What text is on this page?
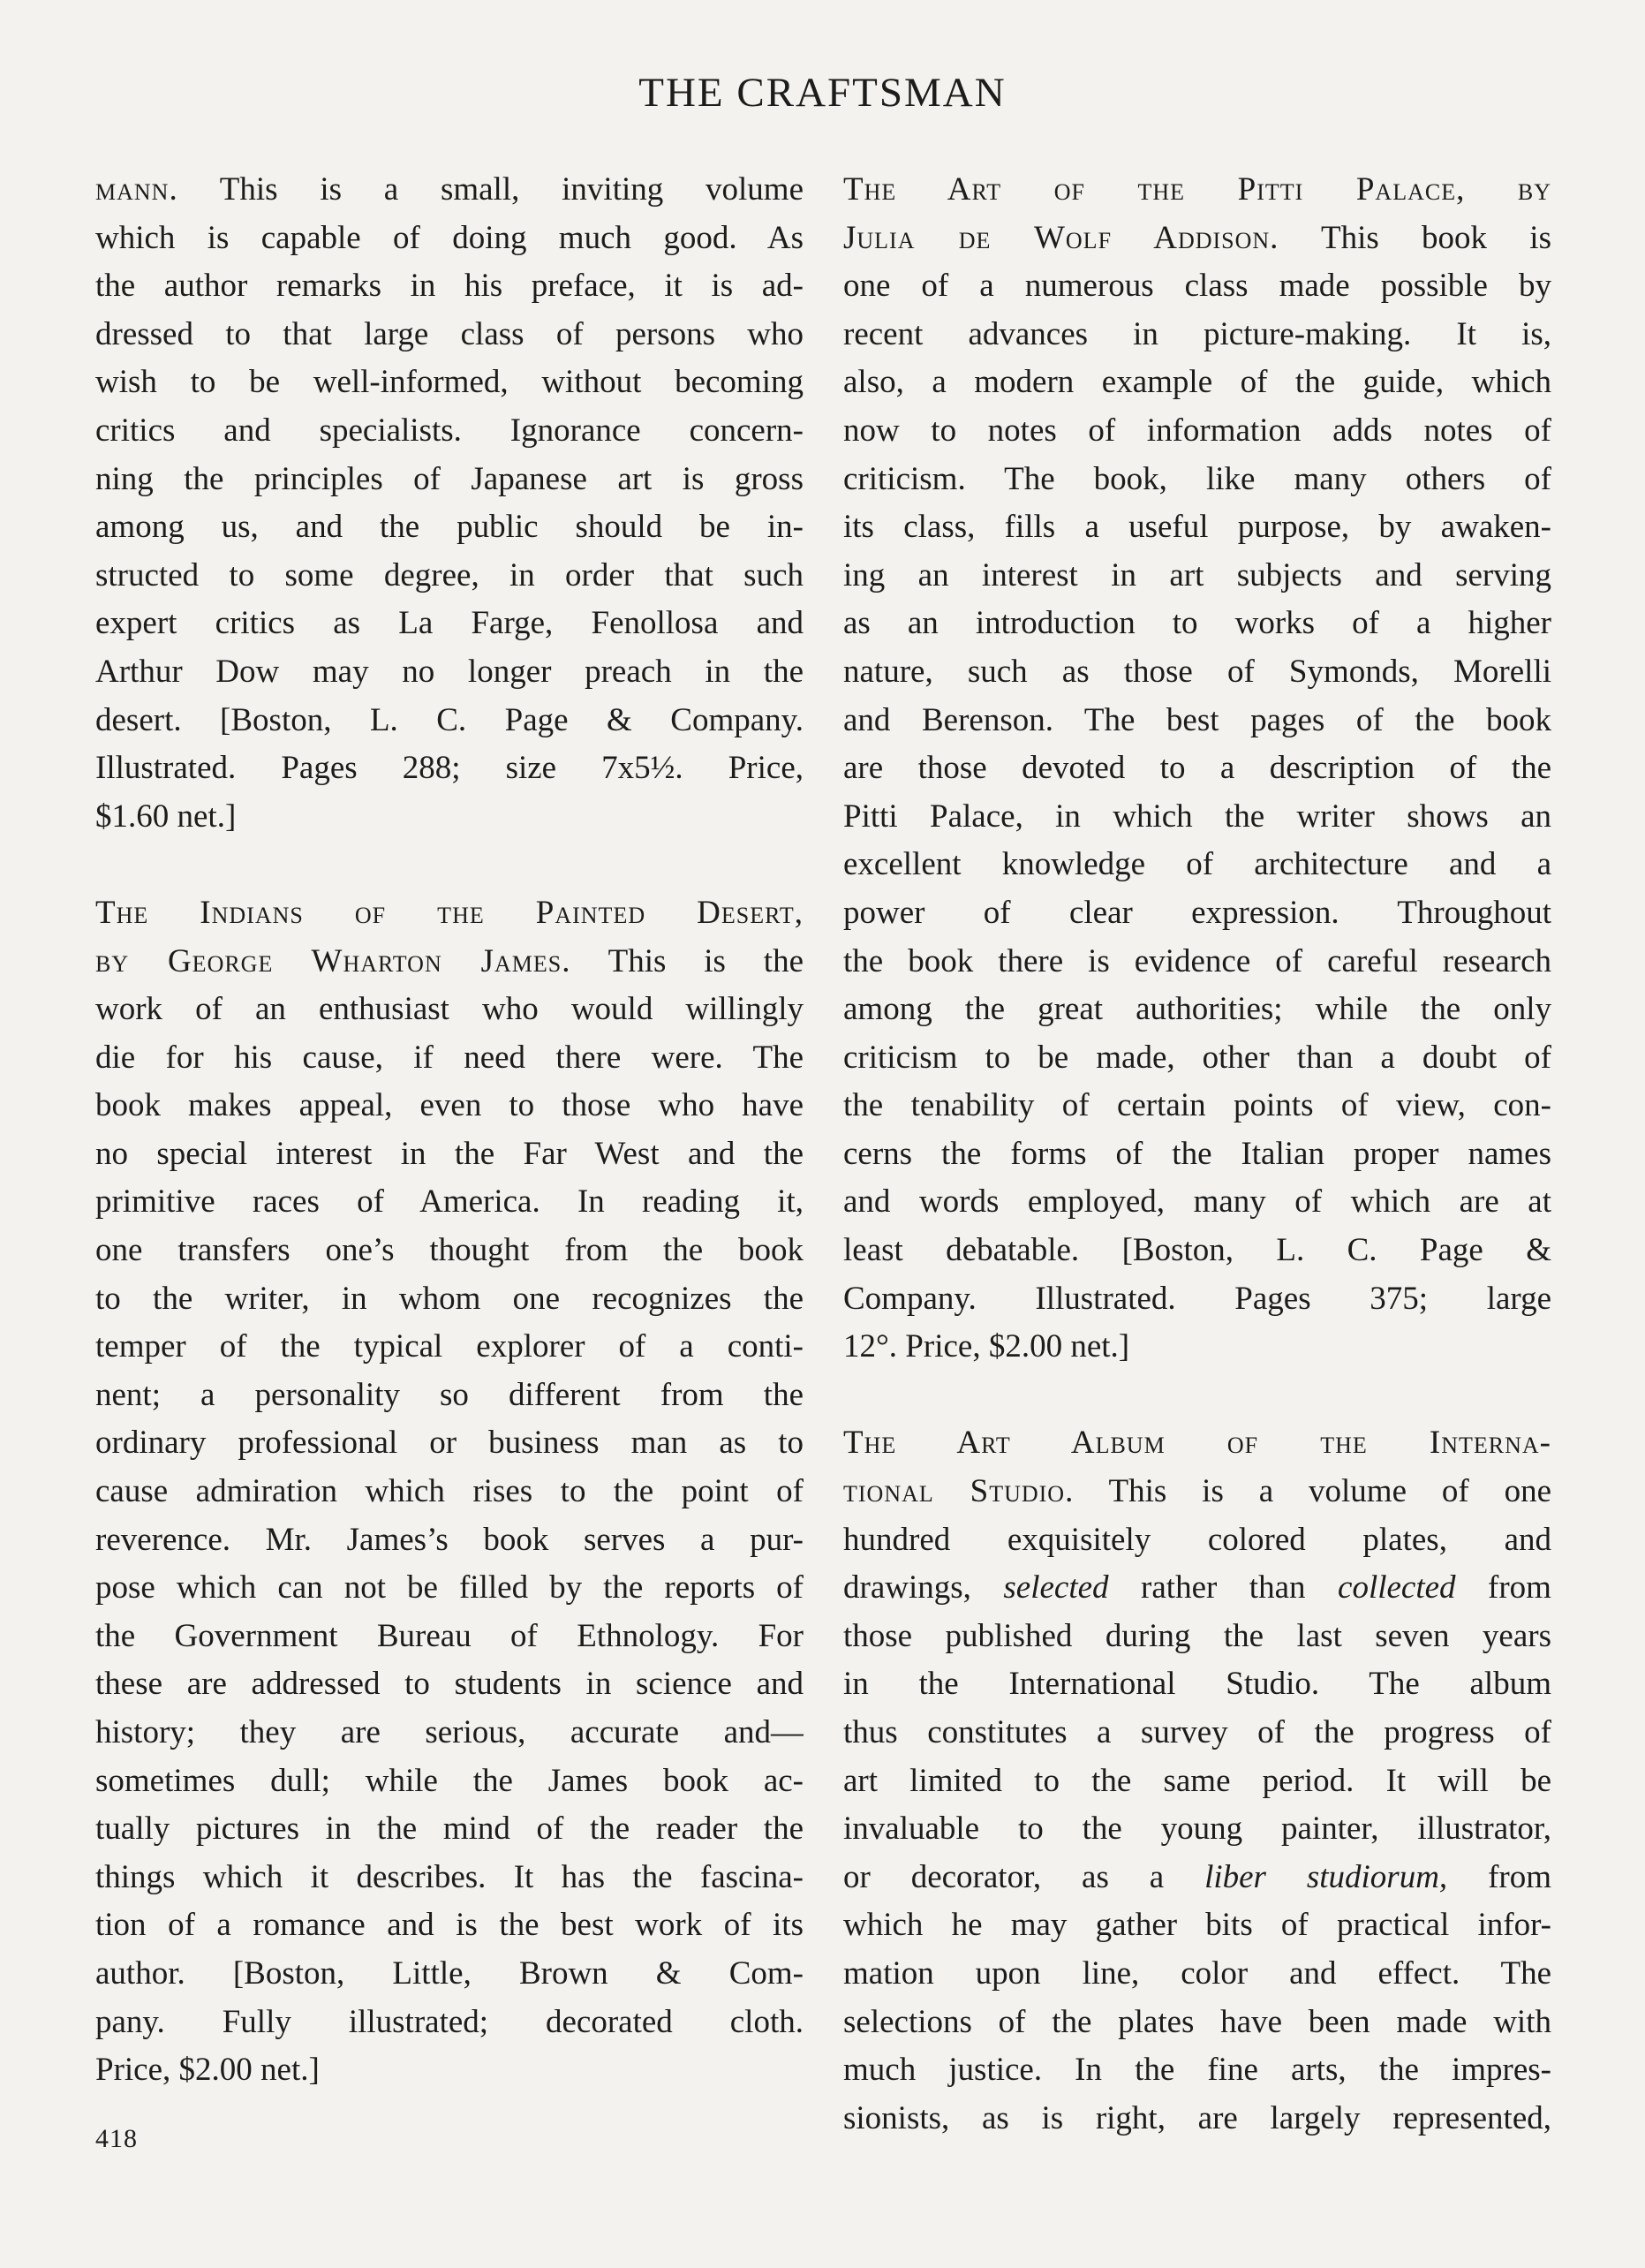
THE CRAFTSMAN
mann. This is a small, inviting volume
which is capable of doing much good. As
the author remarks in his preface, it is ad-
dressed to that large class of persons who
wish to be well-informed, without becoming
critics and specialists. Ignorance concern-
ning the principles of Japanese art is gross
among us, and the public should be in-
structed to some degree, in order that such
expert critics as La Farge, Fenollosa and
Arthur Dow may no longer preach in the
desert. [Boston, L. C. Page & Company.
Illustrated. Pages 288; size 7x5½. Price,
$1.60 net.]
The Indians of the Painted Desert,
by George Wharton James. This is the
work of an enthusiast who would willingly
die for his cause, if need there were. The
book makes appeal, even to those who have
no special interest in the Far West and the
primitive races of America. In reading it,
one transfers one’s thought from the book
to the writer, in whom one recognizes the
temper of the typical explorer of a conti-
nent; a personality so different from the
ordinary professional or business man as to
cause admiration which rises to the point of
reverence. Mr. James’s book serves a pur-
pose which can not be filled by the reports of
the Government Bureau of Ethnology. For
these are addressed to students in science and
history; they are serious, accurate and—
sometimes dull; while the James book ac-
tually pictures in the mind of the reader the
things which it describes. It has the fascina-
tion of a romance and is the best work of its
author. [Boston, Little, Brown & Com-
pany. Fully illustrated; decorated cloth.
Price, $2.00 net.]
The Art of the Pitti Palace, by
Julia de Wolf Addison. This book is
one of a numerous class made possible by
recent advances in picture-making. It is,
also, a modern example of the guide, which
now to notes of information adds notes of
criticism. The book, like many others of
its class, fills a useful purpose, by awaken-
ing an interest in art subjects and serving
as an introduction to works of a higher
nature, such as those of Symonds, Morelli
and Berenson. The best pages of the book
are those devoted to a description of the
Pitti Palace, in which the writer shows an
excellent knowledge of architecture and a
power of clear expression. Throughout
the book there is evidence of careful research
among the great authorities; while the only
criticism to be made, other than a doubt of
the tenability of certain points of view, con-
cerns the forms of the Italian proper names
and words employed, many of which are at
least debatable. [Boston, L. C. Page &
Company. Illustrated. Pages 375; large
12°. Price, $2.00 net.]
The Art Album of the Interna-
tional Studio. This is a volume of one
hundred exquisitely colored plates, and
drawings, selected rather than collected from
those published during the last seven years
in the International Studio. The album
thus constitutes a survey of the progress of
art limited to the same period. It will be
invaluable to the young painter, illustrator,
or decorator, as a liber studiorum, from
which he may gather bits of practical infor-
mation upon line, color and effect. The
selections of the plates have been made with
much justice. In the fine arts, the impres-
sionists, as is right, are largely represented,
418
